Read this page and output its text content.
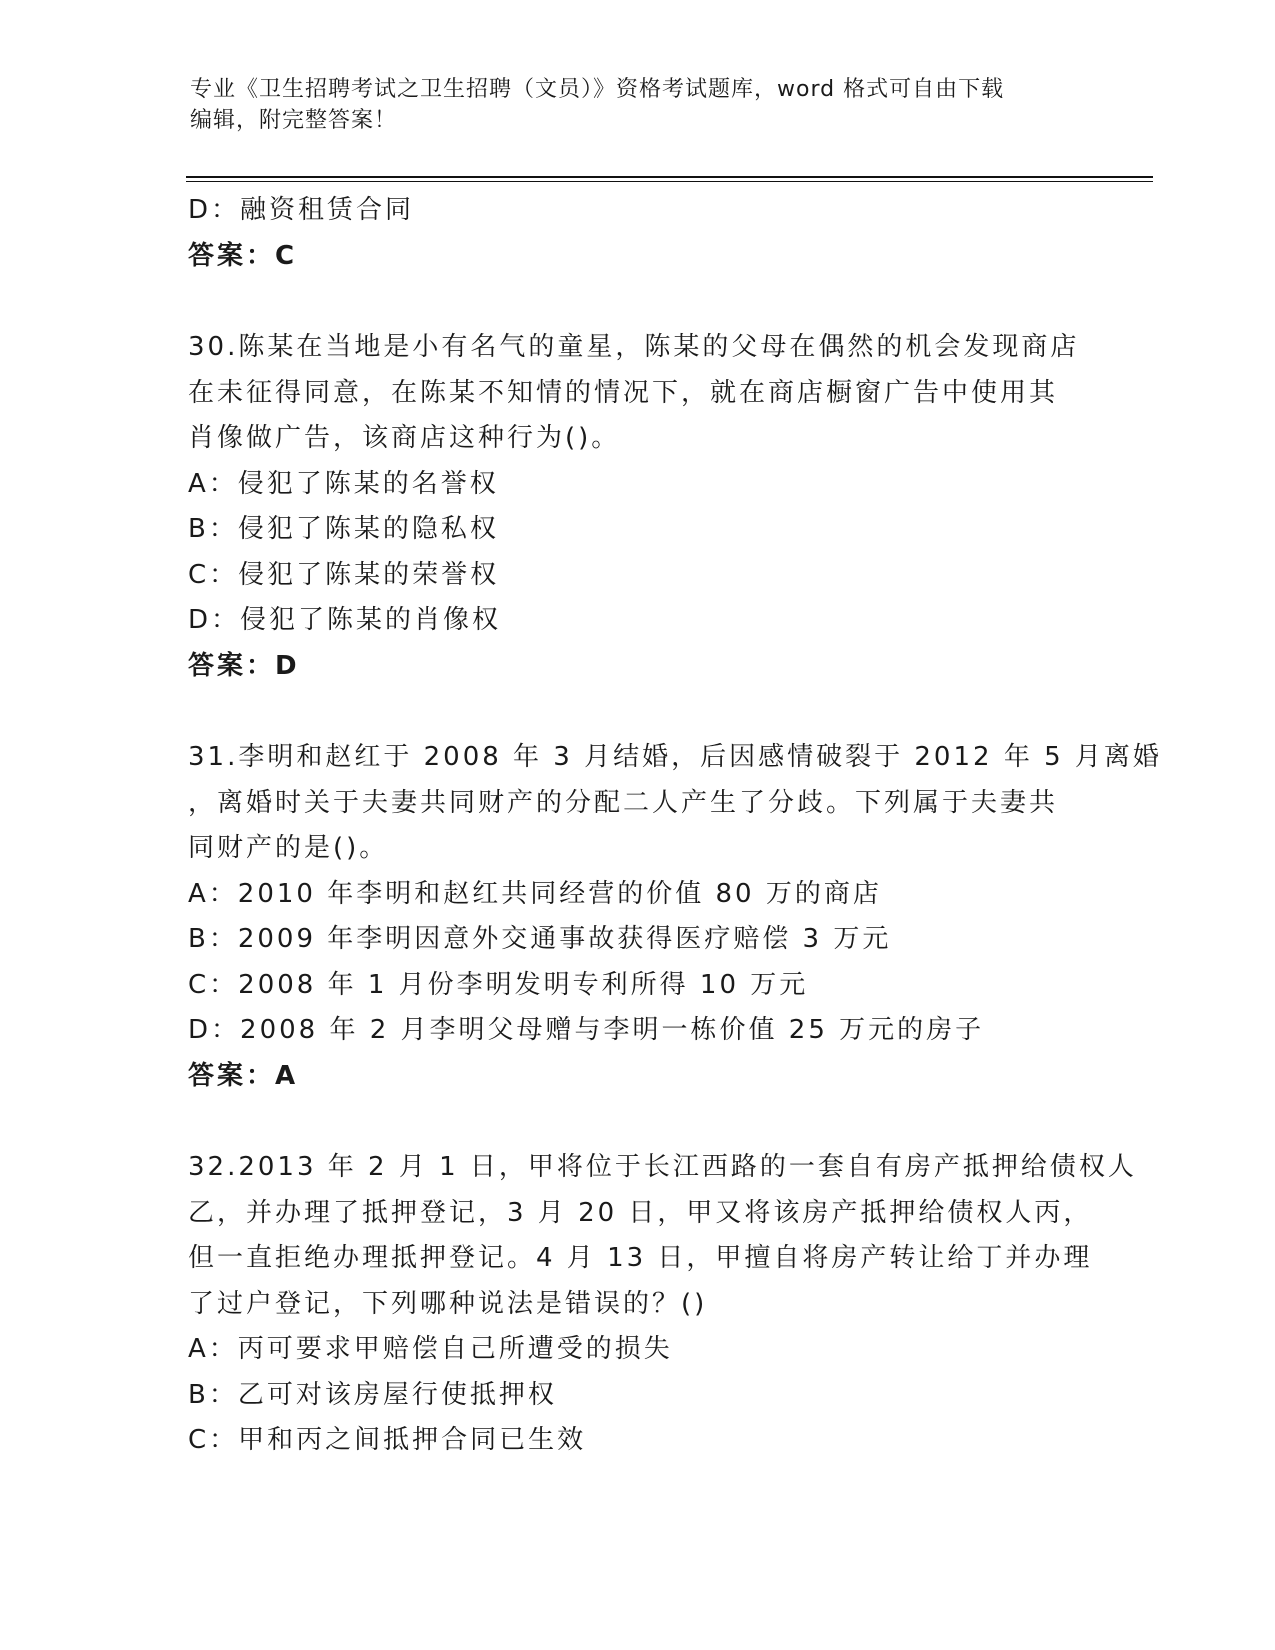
专业《卫生招聘考试之卫生招聘（文员）》资格考试题库，word 格式可自由下载
编辑，附完整答案！
D：融资租赁合同
答案：C
30.陈某在当地是小有名气的童星，陈某的父母在偶然的机会发现商店
在未征得同意，在陈某不知情的情况下，就在商店橱窗广告中使用其
肖像做广告，该商店这种行为()。
A：侵犯了陈某的名誉权
B：侵犯了陈某的隐私权
C：侵犯了陈某的荣誉权
D：侵犯了陈某的肖像权
答案：D
31.李明和赵红于 2008 年 3 月结婚，后因感情破裂于 2012 年 5 月离婚
，离婚时关于夫妻共同财产的分配二人产生了分歧。下列属于夫妻共
同财产的是()。
A：2010 年李明和赵红共同经营的价值 80 万的商店
B：2009 年李明因意外交通事故获得医疗赔偿 3 万元
C：2008 年 1 月份李明发明专利所得 10 万元
D：2008 年 2 月李明父母赠与李明一栋价值 25 万元的房子
答案：A
32.2013 年 2 月 1 日，甲将位于长江西路的一套自有房产抵押给债权人
乙，并办理了抵押登记，3 月 20 日，甲又将该房产抵押给债权人丙，
但一直拒绝办理抵押登记。4 月 13 日，甲擅自将房产转让给丁并办理
了过户登记，下列哪种说法是错误的？()
A：丙可要求甲赔偿自己所遭受的损失
B：乙可对该房屋行使抵押权
C：甲和丙之间抵押合同已生效
